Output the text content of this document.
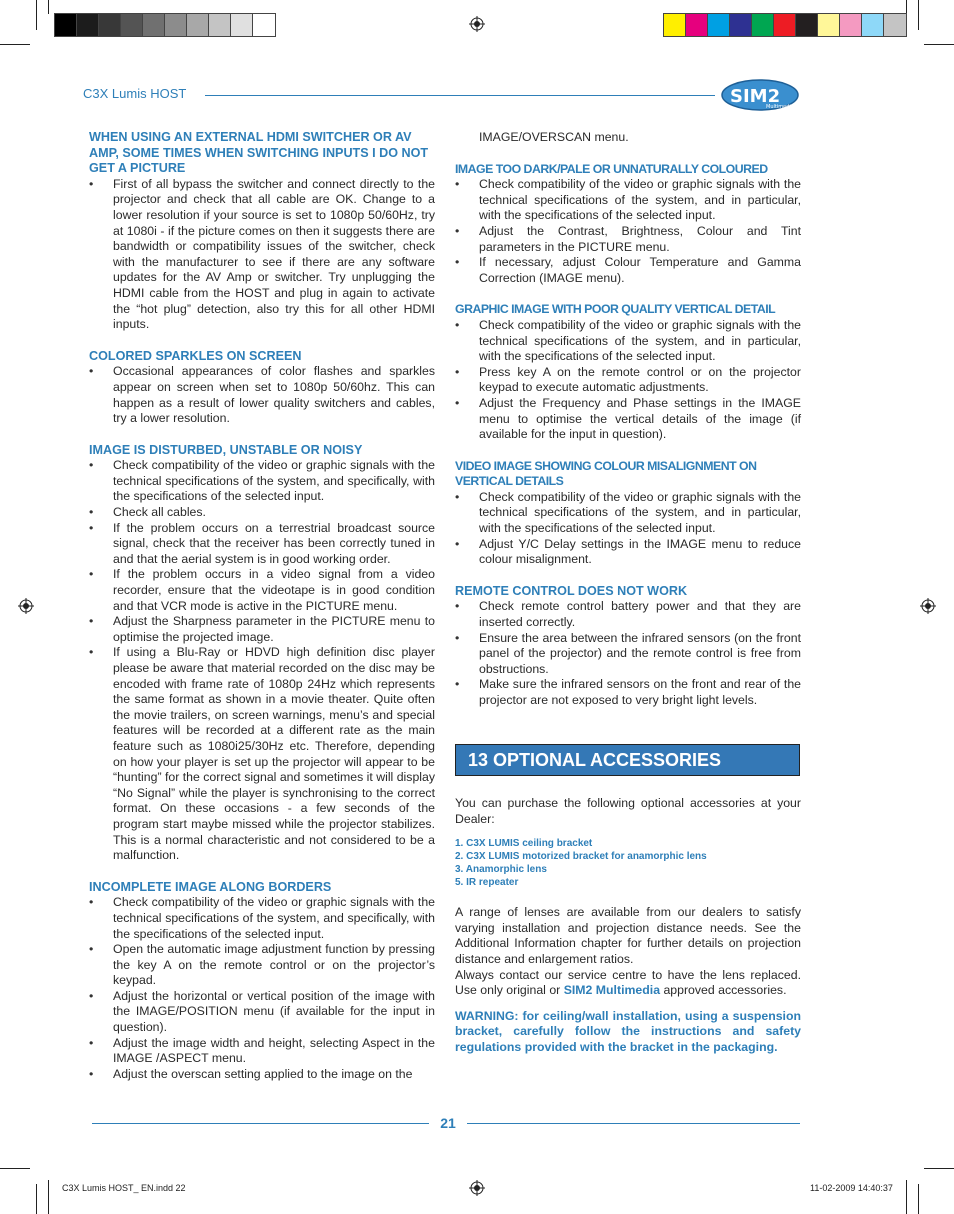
C3X Lumis HOST	SIM2
Multimedia

WHEN USING AN EXTERNAL HDMI SWITCHER OR AV AMP, SOME TIMES WHEN SWITCHING INPUTS I DO NOT GET A PICTURE

• First of all bypass the switcher and connect directly to the projector and check that all cable are OK. Change to a lower resolution if your source is set to 1080p 50/60Hz, try at 1080i - if the picture comes on then it suggests there are bandwidth or compatibility issues of the switcher, check with the manufacturer to see if there are any software updates for the AV Amp or switcher. Try unplugging the HDMI cable from the HOST and plug in again to activate the “hot plug” detection, also try this for all other HDMI inputs.

COLORED SPARKLES ON SCREEN

• Occasional appearances of color flashes and sparkles appear on screen when set to 1080p 50/60hz. This can happen as a result of lower quality switchers and cables, try a lower resolution.

IMAGE IS DISTURBED, UNSTABLE OR NOISY

• Check compatibility of the video or graphic signals with the technical specifications of the system, and specifically, with the specifications of the selected input.
• Check all cables.
• If the problem occurs on a terrestrial broadcast source signal, check that the receiver has been correctly tuned in and that the aerial system is in good working order.
• If the problem occurs in a video signal from a video recorder, ensure that the videotape is in good condition and that VCR mode is active in the PICTURE menu.
• Adjust the Sharpness parameter in the PICTURE menu to optimise the projected image.
• If using a Blu-Ray or HDVD high definition disc player please be aware that material recorded on the disc may be encoded with frame rate of 1080p 24Hz which represents the same format as shown in a movie theater. Quite often the movie trailers, on screen warnings, menu’s and special features will be recorded at a different rate as the main feature such as 1080i25/30Hz etc. Therefore, depending on how your player is set up the projector will appear to be “hunting” for the correct signal and sometimes it will display “No Signal” while the player is synchronising to the correct format. On these occasions - a few seconds of the program start maybe missed while the projector stabilizes. This is a normal characteristic and not considered to be a malfunction.

INCOMPLETE IMAGE ALONG BORDERS

• Check compatibility of the video or graphic signals with the technical specifications of the system, and specifically, with the specifications of the selected input.
• Open the automatic image adjustment function by pressing the key A on the remote control or on the projector’s keypad.
• Adjust the horizontal or vertical position of the image with the IMAGE/POSITION menu (if available for the input in question).
• Adjust the image width and height, selecting Aspect in the IMAGE /ASPECT menu.
• Adjust the overscan setting applied to the image on the
IMAGE/OVERSCAN menu.

IMAGE TOO DARK/PALE OR UNNATURALLY COLOURED

• Check compatibility of the video or graphic signals with the technical specifications of the system, and in particular, with the specifications of the selected input.
• Adjust the Contrast, Brightness, Colour and Tint parameters in the PICTURE menu.
• If necessary, adjust Colour Temperature and Gamma Correction (IMAGE menu).

GRAPHIC IMAGE WITH POOR QUALITY VERTICAL DETAIL

• Check compatibility of the video or graphic signals with the technical specifications of the system, and in particular, with the specifications of the selected input.
• Press key A on the remote control or on the projector keypad to execute automatic adjustments.
• Adjust the Frequency and Phase settings in the IMAGE menu to optimise the vertical details of the image (if available for the input in question).

VIDEO IMAGE SHOWING COLOUR MISALIGNMENT ON VERTICAL DETAILS

• Check compatibility of the video or graphic signals with the technical specifications of the system, and in particular, with the specifications of the selected input.
• Adjust Y/C Delay settings in the IMAGE menu to reduce colour misalignment.

REMOTE CONTROL DOES NOT WORK

• Check remote control battery power and that they are inserted correctly.
• Ensure the area between the infrared sensors (on the front panel of the projector) and the remote control is free from obstructions.
• Make sure the infrared sensors on the front and rear of the projector are not exposed to very bright light levels.
13 OPTIONAL ACCESSORIES
You can purchase the following optional accessories at your Dealer:
1. C3X LUMIS ceiling bracket
2. C3X LUMIS motorized bracket for anamorphic lens
3. Anamorphic lens
5. IR repeater
A range of lenses are available from our dealers to satisfy varying installation and projection distance needs. See the Additional Information chapter for further details on projection distance and enlargement ratios.
Always contact our service centre to have the lens replaced. Use only original or SIM2 Multimedia approved accessories.
WARNING: for ceiling/wall installation, using a suspension bracket, carefully follow the instructions and safety regulations provided with the bracket in the packaging.
21
C3X Lumis HOST_ EN.indd 22	11-02-2009 14:40:37
